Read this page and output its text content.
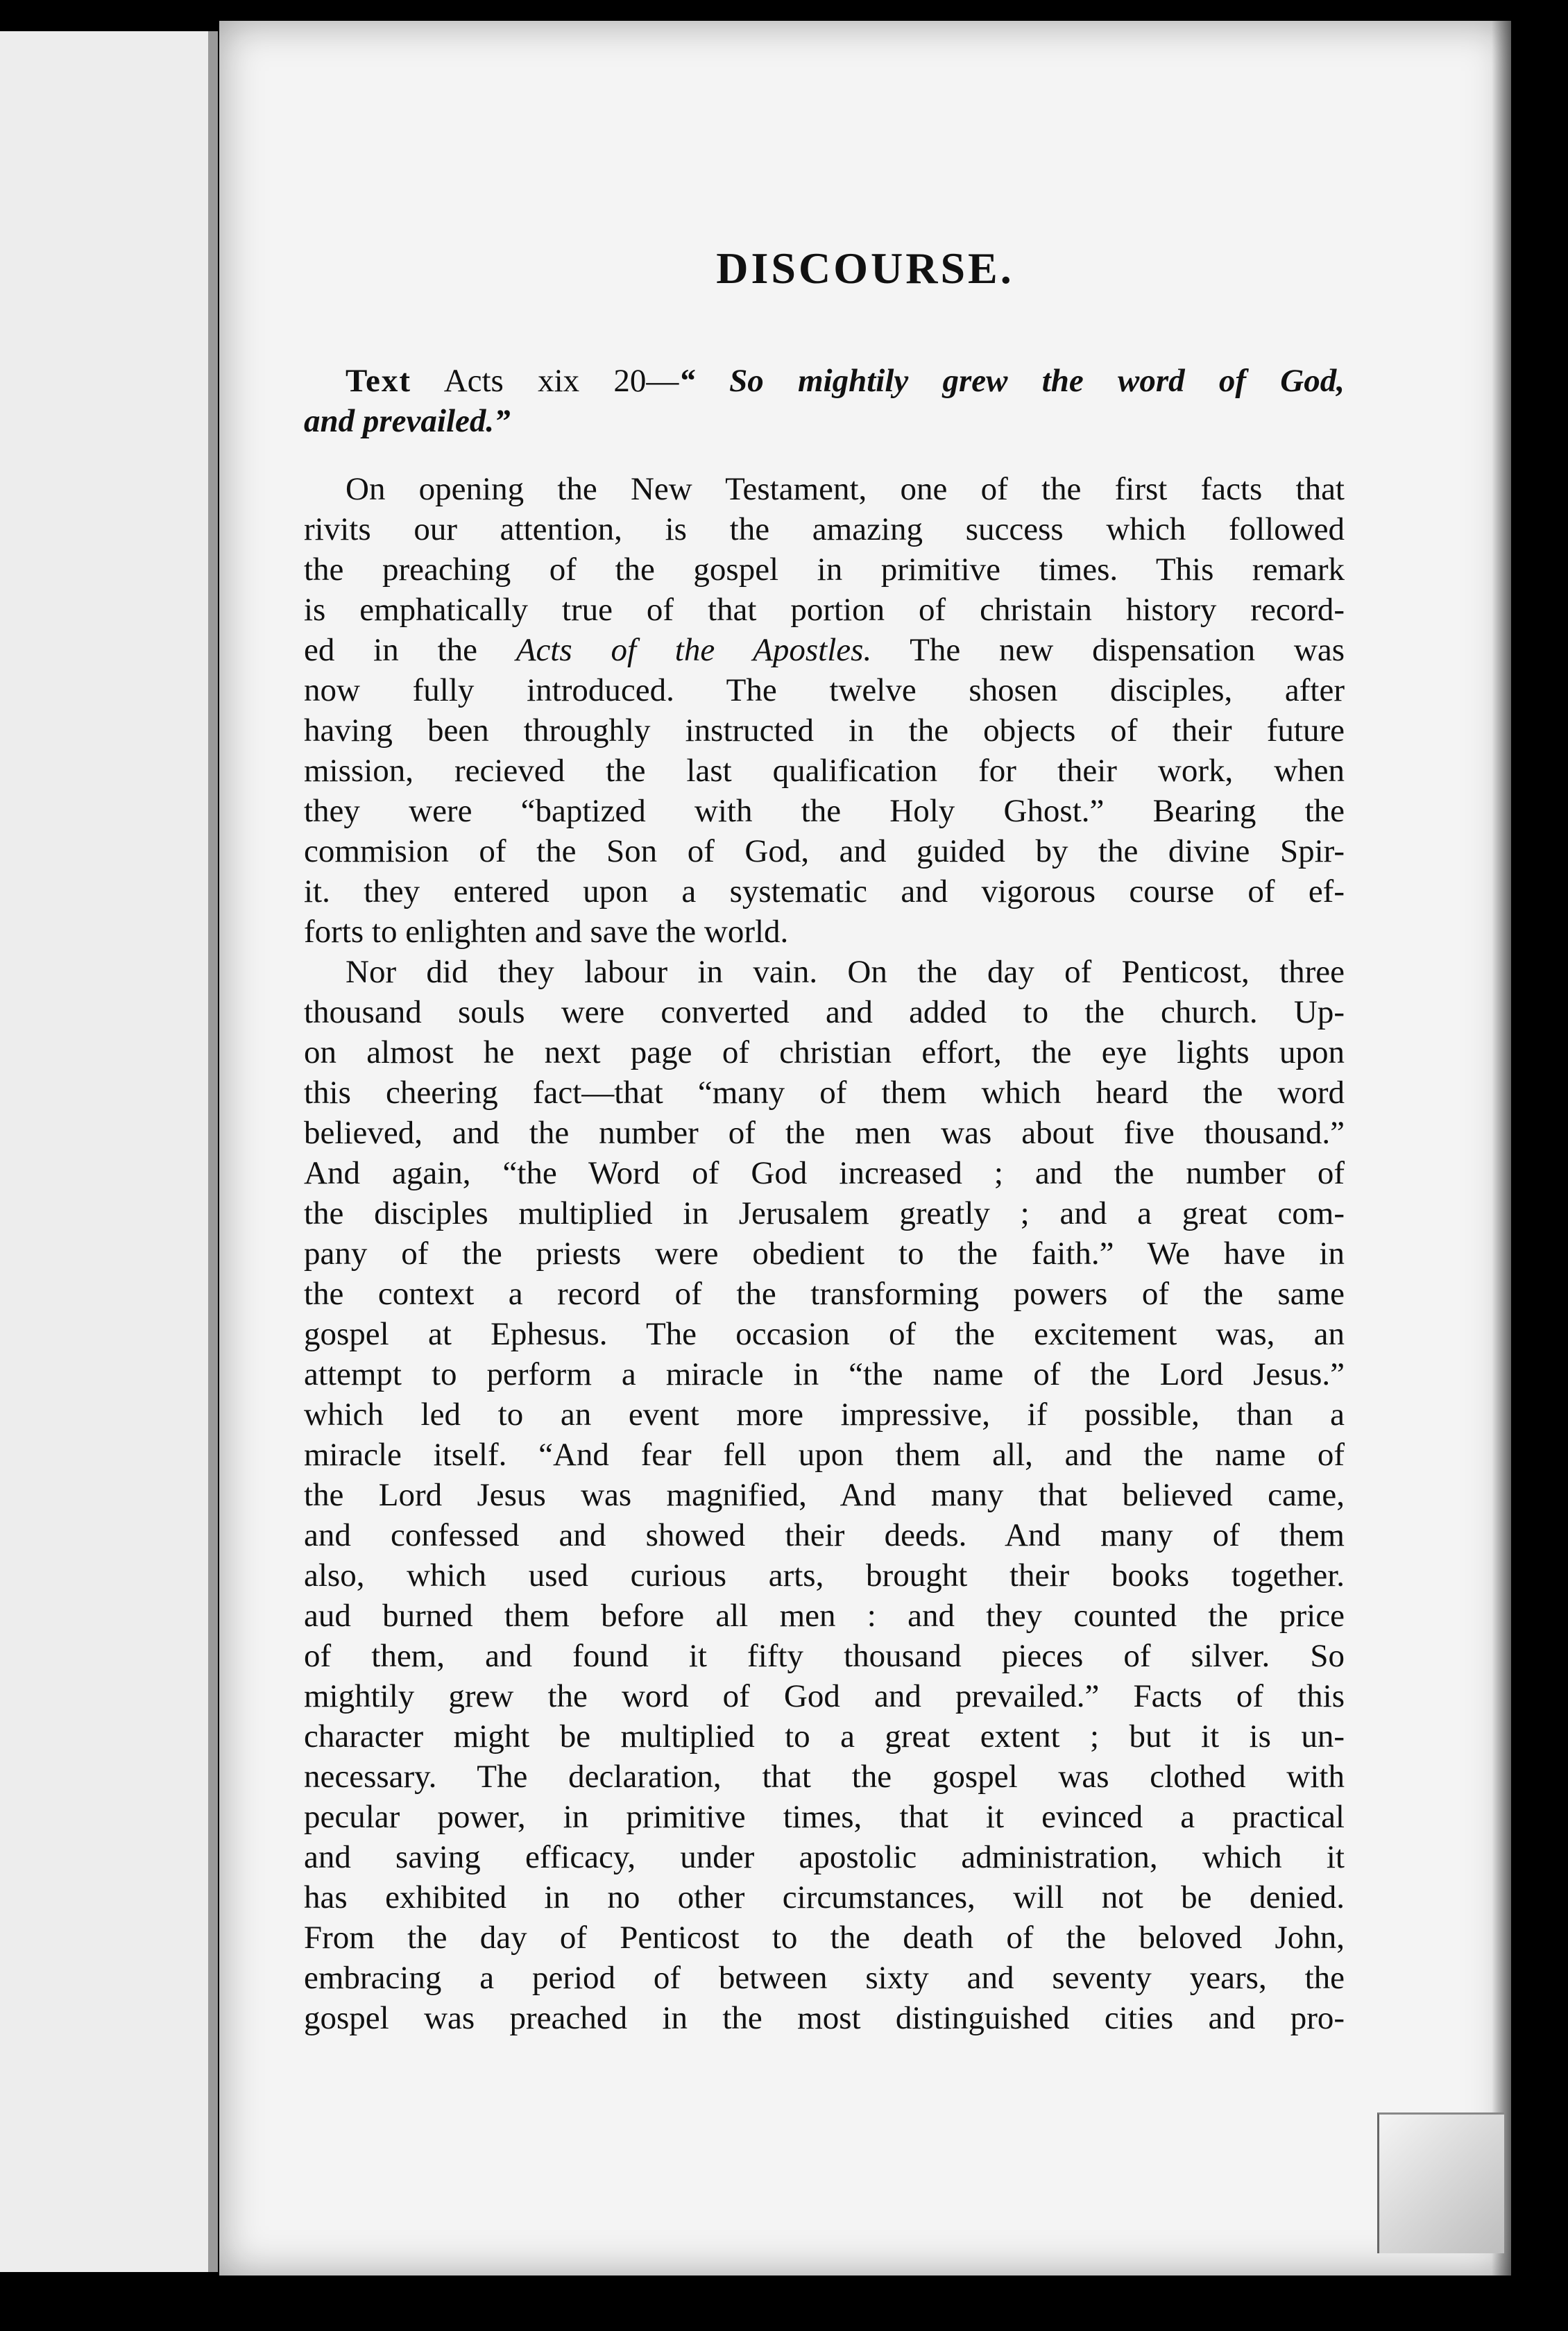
DISCOURSE.
Text Acts xix 20—“ So mightily grew the word of God,
and prevailed.”
On opening the New Testament, one of the first facts that
rivits our attention, is the amazing success which followed
the preaching of the gospel in primitive times. This remark
is emphatically true of that portion of christain history record-
ed in the Acts of the Apostles. The new dispensation was
now fully introduced. The twelve shosen disciples, after
having been throughly instructed in the objects of their future
mission, recieved the last qualification for their work, when
they were “baptized with the Holy Ghost.” Bearing the
commision of the Son of God, and guided by the divine Spir-
it. they entered upon a systematic and vigorous course of ef-
forts to enlighten and save the world.
Nor did they labour in vain. On the day of Penticost, three
thousand souls were converted and added to the church. Up-
on almost he next page of christian effort, the eye lights upon
this cheering fact—that “many of them which heard the word
believed, and the number of the men was about five thousand.”
And again, “the Word of God increased ; and the number of
the disciples multiplied in Jerusalem greatly ; and a great com-
pany of the priests were obedient to the faith.” We have in
the context a record of the transforming powers of the same
gospel at Ephesus. The occasion of the excitement was, an
attempt to perform a miracle in “the name of the Lord Jesus.”
which led to an event more impressive, if possible, than a
miracle itself. “And fear fell upon them all, and the name of
the Lord Jesus was magnified, And many that believed came,
and confessed and showed their deeds. And many of them
also, which used curious arts, brought their books together.
aud burned them before all men : and they counted the price
of them, and found it fifty thousand pieces of silver. So
mightily grew the word of God and prevailed.” Facts of this
character might be multiplied to a great extent ; but it is un-
necessary. The declaration, that the gospel was clothed with
pecular power, in primitive times, that it evinced a practical
and saving efficacy, under apostolic administration, which it
has exhibited in no other circumstances, will not be denied.
From the day of Penticost to the death of the beloved John,
embracing a period of between sixty and seventy years, the
gospel was preached in the most distinguished cities and pro-
